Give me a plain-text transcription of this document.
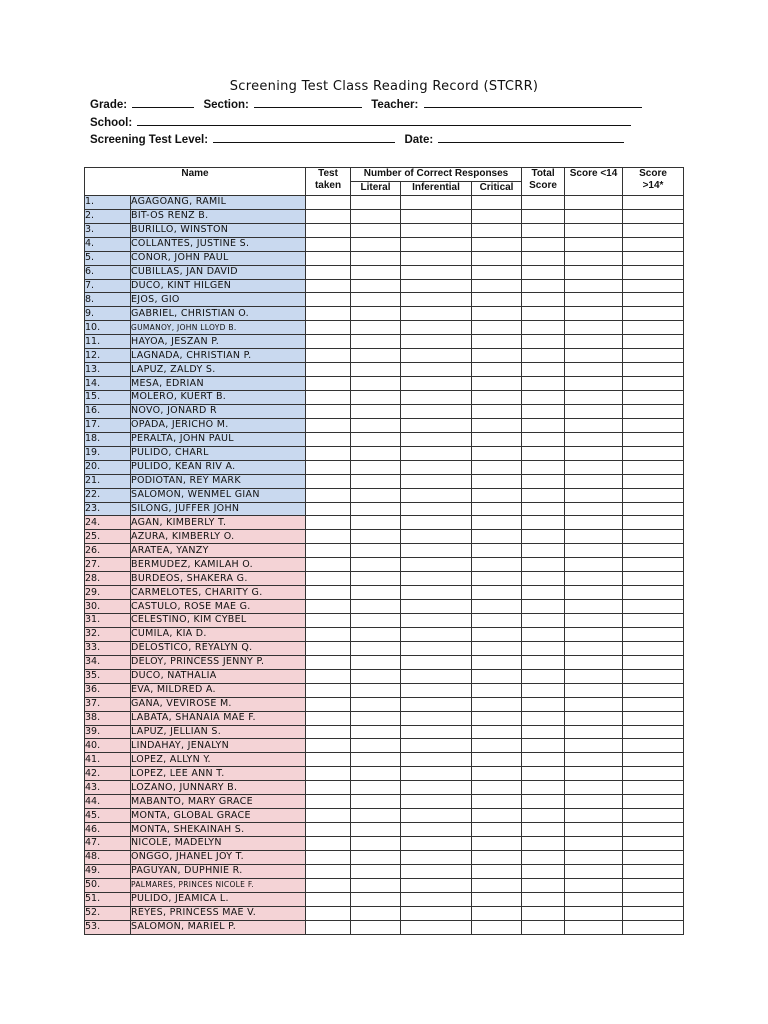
Screening Test Class Reading Record (STCRR)
Grade:	Section:	Teacher:
School:
Screening Test Level:	Date:
Name		Test taken	Number of Correct Responses			Total Score	Score <14	Score
>14*
			Literal	Inferential	Critical			
1.	AGAGOANG, RAMIL							
2.	BIT-OS RENZ B.							
3.	BURILLO, WINSTON							
4.	COLLANTES, JUSTINE S.							
5.	CONOR, JOHN PAUL							
6.	CUBILLAS, JAN DAVID							
7.	DUCO, KINT HILGEN							
8.	EJOS, GIO							
9.	GABRIEL, CHRISTIAN O.							
10.	GUMANOY, JOHN LLOYD B.							
11.	HAYOA, JESZAN P.							
12.	LAGNADA, CHRISTIAN P.							
13.	LAPUZ, ZALDY S.							
14.	MESA, EDRIAN							
15.	MOLERO, KUERT B.							
16.	NOVO, JONARD R							
17.	OPADA, JERICHO M.							
18.	PERALTA, JOHN PAUL							
19.	PULIDO, CHARL							
20.	PULIDO, KEAN RIV A.							
21.	PODIOTAN, REY MARK							
22.	SALOMON, WENMEL GIAN							
23.	SILONG, JUFFER JOHN							
24.	AGAN, KIMBERLY T.							
25.	AZURA, KIMBERLY O.							
26.	ARATEA, YANZY							
27.	BERMUDEZ, KAMILAH O.							
28.	BURDEOS, SHAKERA G.							
29.	CARMELOTES, CHARITY G.							
30.	CASTULO, ROSE MAE G.							
31.	CELESTINO, KIM CYBEL							
32.	CUMILA, KIA D.							
33.	DELOSTICO, REYALYN Q.							
34.	DELOY, PRINCESS JENNY P.							
35.	DUCO, NATHALIA							
36.	EVA, MILDRED A.							
37.	GANA, VEVIROSE M.							
38.	LABATA, SHANAIA MAE F.							
39.	LAPUZ, JELLIAN S.							
40.	LINDAHAY, JENALYN							
41.	LOPEZ, ALLYN Y.							
42.	LOPEZ, LEE ANN T.							
43.	LOZANO, JUNNARY B.							
44.	MABANTO, MARY GRACE							
45.	MONTA, GLOBAL GRACE							
46.	MONTA, SHEKAINAH S.							
47.	NICOLE, MADELYN							
48.	ONGGO, JHANEL JOY T.							
49.	PAGUYAN, DUPHNIE R.							
50.	PALMARES, PRINCES NICOLE F.							
51.	PULIDO, JEAMICA L.							
52.	REYES, PRINCESS MAE V.							
53.	SALOMON, MARIEL P.							
